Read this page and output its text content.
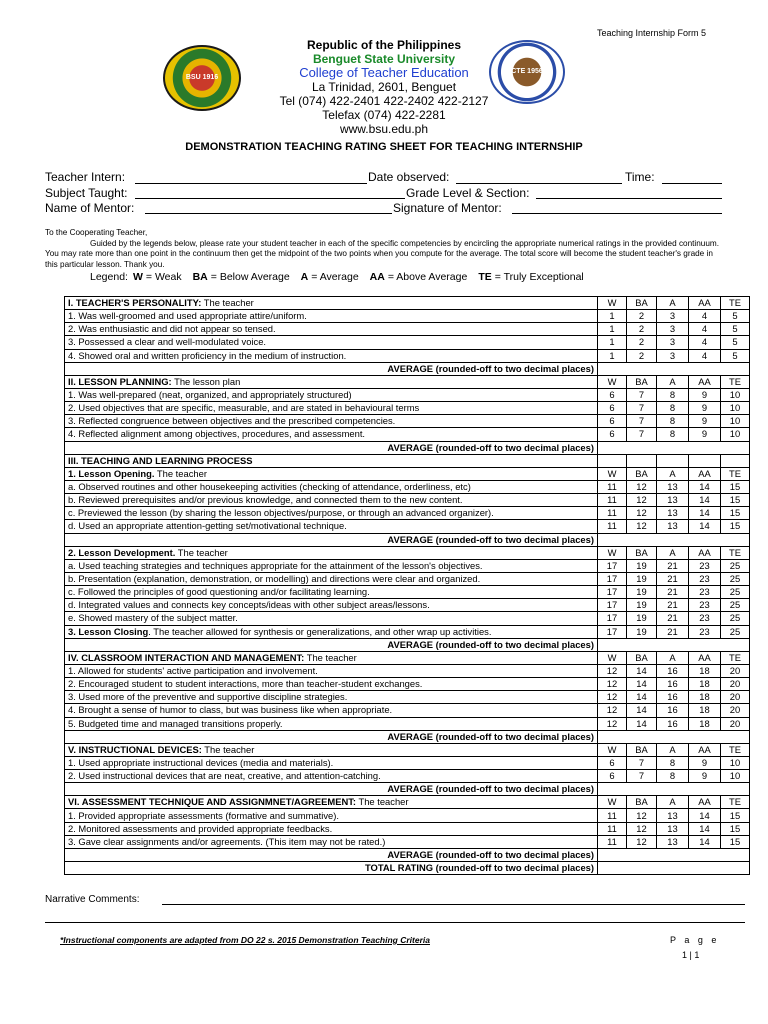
Teaching Internship Form 5
BSU 1916
CTE 1956
Republic of the Philippines
Benguet State University
College of Teacher Education
La Trinidad, 2601, Benguet
Tel (074) 422-2401 422-2402 422-2127
Telefax (074) 422-2281
www.bsu.edu.ph
DEMONSTRATION TEACHING RATING SHEET FOR TEACHING INTERNSHIP
Teacher Intern:	Date observed:	Time:
Subject Taught:	Grade Level & Section:
Name of Mentor:	Signature of Mentor:
To the Cooperating Teacher,
Guided by the legends below, please rate your student teacher in each of the specific competencies by encircling the appropriate numerical ratings in the provided continuum. You may rate more than one point in the continuum then get the midpoint of the two points when you compute for the average. The total score will become the student teacher's grade in this particular lesson. Thank you.
Legend: W = Weak BA = Below Average A = Average AA = Above Average TE = Truly Exceptional
I. TEACHER'S PERSONALITY: The teacher	W	BA	A	AA	TE
1. Was well-groomed and used appropriate attire/uniform.	1	2	3	4	5
2. Was enthusiastic and did not appear so tensed.	1	2	3	4	5
3. Possessed a clear and well-modulated voice.	1	2	3	4	5
4. Showed oral and written proficiency in the medium of instruction.	1	2	3	4	5
AVERAGE (rounded-off to two decimal places)					
II. LESSON PLANNING: The lesson plan	W	BA	A	AA	TE
1. Was well-prepared (neat, organized, and appropriately structured)	6	7	8	9	10
2. Used objectives that are specific, measurable, and are stated in behavioural terms	6	7	8	9	10
3. Reflected congruence between objectives and the prescribed competencies.	6	7	8	9	10
4. Reflected alignment among objectives, procedures, and assessment.	6	7	8	9	10
AVERAGE (rounded-off to two decimal places)					
III. TEACHING AND LEARNING PROCESS					
1. Lesson Opening. The teacher	W	BA	A	AA	TE
a. Observed routines and other housekeeping activities (checking of attendance, orderliness, etc)	11	12	13	14	15
b. Reviewed prerequisites and/or previous knowledge, and connected them to the new content.	11	12	13	14	15
c. Previewed the lesson (by sharing the lesson objectives/purpose, or through an advanced organizer).	11	12	13	14	15
d. Used an appropriate attention-getting set/motivational technique.	11	12	13	14	15
AVERAGE (rounded-off to two decimal places)					
2. Lesson Development. The teacher	W	BA	A	AA	TE
a. Used teaching strategies and techniques appropriate for the attainment of the lesson's objectives.	17	19	21	23	25
b. Presentation (explanation, demonstration, or modelling) and directions were clear and organized.	17	19	21	23	25
c. Followed the principles of good questioning and/or facilitating learning.	17	19	21	23	25
d. Integrated values and connects key concepts/ideas with other subject areas/lessons.	17	19	21	23	25
e. Showed mastery of the subject matter.	17	19	21	23	25
3. Lesson Closing. The teacher allowed for synthesis or generalizations, and other wrap up activities.	17	19	21	23	25
AVERAGE (rounded-off to two decimal places)					
IV. CLASSROOM INTERACTION AND MANAGEMENT: The teacher	W	BA	A	AA	TE
1. Allowed for students' active participation and involvement.	12	14	16	18	20
2. Encouraged student to student interactions, more than teacher-student exchanges.	12	14	16	18	20
3. Used more of the preventive and supportive discipline strategies.	12	14	16	18	20
4. Brought a sense of humor to class, but was business like when appropriate.	12	14	16	18	20
5. Budgeted time and managed transitions properly.	12	14	16	18	20
AVERAGE (rounded-off to two decimal places)					
V. INSTRUCTIONAL DEVICES: The teacher	W	BA	A	AA	TE
1. Used appropriate instructional devices (media and materials).	6	7	8	9	10
2. Used instructional devices that are neat, creative, and attention-catching.	6	7	8	9	10
AVERAGE (rounded-off to two decimal places)					
VI. ASSESSMENT TECHNIQUE AND ASSIGNMNET/AGREEMENT: The teacher	W	BA	A	AA	TE
1. Provided appropriate assessments (formative and summative).	11	12	13	14	15
2. Monitored assessments and provided appropriate feedbacks.	11	12	13	14	15
3. Gave clear assignments and/or agreements. (This item may not be rated.)	11	12	13	14	15
AVERAGE (rounded-off to two decimal places)					
TOTAL RATING (rounded-off to two decimal places)					
Narrative Comments:
*Instructional components are adapted from DO 22 s. 2015 Demonstration Teaching Criteria	P a g e
1 | 1
